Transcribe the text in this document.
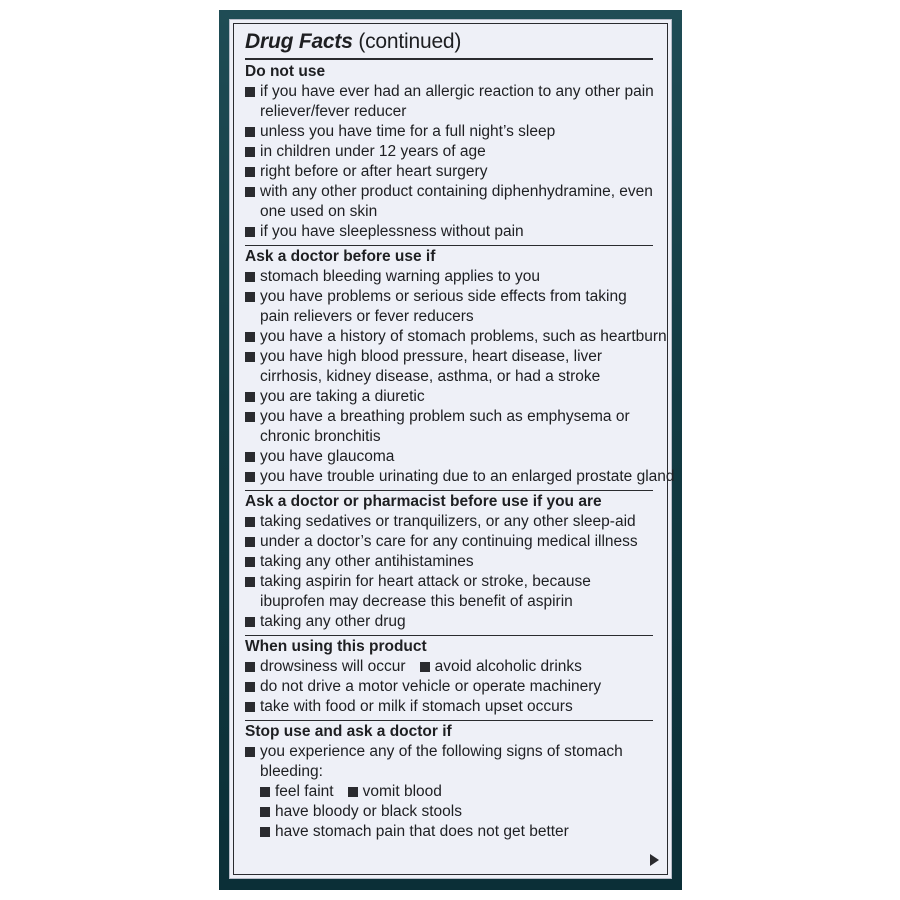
Drug Facts (continued)
Do not use
if you have ever had an allergic reaction to any other pain
reliever/fever reducer
unless you have time for a full night’s sleep
in children under 12 years of age
right before or after heart surgery
with any other product containing diphenhydramine, even
one used on skin
if you have sleeplessness without pain
Ask a doctor before use if
stomach bleeding warning applies to you
you have problems or serious side effects from taking
pain relievers or fever reducers
you have a history of stomach problems, such as heartburn
you have high blood pressure, heart disease, liver
cirrhosis, kidney disease, asthma, or had a stroke
you are taking a diuretic
you have a breathing problem such as emphysema or
chronic bronchitis
you have glaucoma
you have trouble urinating due to an enlarged prostate gland
Ask a doctor or pharmacist before use if you are
taking sedatives or tranquilizers, or any other sleep-aid
under a doctor’s care for any continuing medical illness
taking any other antihistamines
taking aspirin for heart attack or stroke, because
ibuprofen may decrease this benefit of aspirin
taking any other drug
When using this product
drowsiness will occur avoid alcoholic drinks
do not drive a motor vehicle or operate machinery
take with food or milk if stomach upset occurs
Stop use and ask a doctor if
you experience any of the following signs of stomach
bleeding:
feel faint vomit blood
have bloody or black stools
have stomach pain that does not get better
